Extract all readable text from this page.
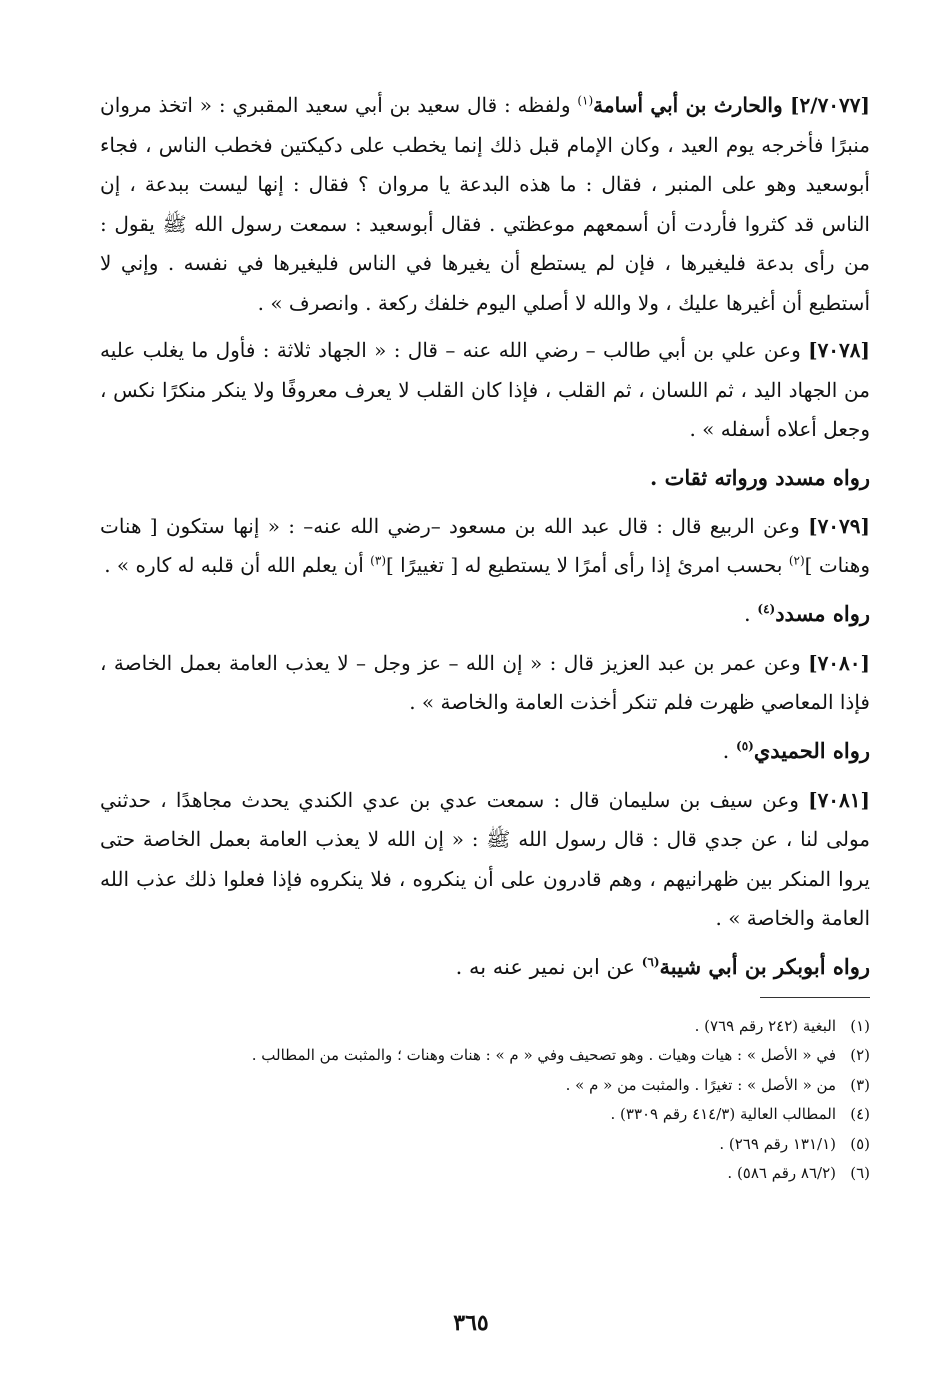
[٢/٧٠٧٧] والحارث بن أبي أسامة$^{(١)}$ ولفظه : قال سعيد بن أبي سعيد المقبري : « اتخذ مروان منبرًا فأخرجه يوم العيد ، وكان الإمام قبل ذلك إنما يخطب على دكيكتين فخطب الناس ، فجاء أبوسعيد وهو على المنبر ، فقال : ما هذه البدعة يا مروان ؟ فقال : إنها ليست ببدعة ، إن الناس قد كثروا فأردت أن أسمعهم موعظتي . فقال أبوسعيد : سمعت رسول الله ﷺ يقول : من رأى بدعة فليغيرها ، فإن لم يستطع أن يغيرها في الناس فليغيرها في نفسه . وإني لا أستطيع أن أغيرها عليك ، ولا والله لا أصلي اليوم خلفك ركعة . وانصرف » .

[٧٠٧٨] وعن علي بن أبي طالب – رضي الله عنه – قال : « الجهاد ثلاثة : فأول ما يغلب عليه من الجهاد اليد ، ثم اللسان ، ثم القلب ، فإذا كان القلب لا يعرف معروفًا ولا ينكر منكرًا نكس ، وجعل أعلاه أسفله » .

رواه مسدد ورواته ثقات .

[٧٠٧٩] وعن الربيع قال : قال عبد الله بن مسعود –رضي الله عنه– : « إنها ستكون [ هنات وهنات ]$^{(٢)}$ بحسب امرئ إذا رأى أمرًا لا يستطيع له [ تغييرًا ]$^{(٣)}$ أن يعلم الله أن قلبه له كاره » .

رواه مسدد$^{(٤)}$ .

[٧٠٨٠] وعن عمر بن عبد العزيز قال : « إن الله – عز وجل – لا يعذب العامة بعمل الخاصة ، فإذا المعاصي ظهرت فلم تنكر أخذت العامة والخاصة » .

رواه الحميدي$^{(٥)}$ .

[٧٠٨١] وعن سيف بن سليمان قال : سمعت عدي بن عدي الكندي يحدث مجاهدًا ، حدثني مولى لنا ، عن جدي قال : قال رسول الله ﷺ : « إن الله لا يعذب العامة بعمل الخاصة حتى يروا المنكر بين ظهرانيهم ، وهم قادرون على أن ينكروه ، فلا ينكروه فإذا فعلوا ذلك عذب الله العامة والخاصة » .

رواه أبوبكر بن أبي شيبة$^{(٦)}$ عن ابن نمير عنه به .

(١)البغية (٢٤٢ رقم ٧٦٩) .

(٢)في « الأصل » : هيات وهيات . وهو تصحيف وفي « م » : هنات وهنات ؛ والمثبت من المطالب .

(٣)من « الأصل » : تغيرًا . والمثبت من « م » .

(٤)المطالب العالية (٤١٤/٣ رقم ٣٣٠٩) .

(٥)(١٣١/١ رقم ٢٦٩) .

(٦)(٨٦/٢ رقم ٥٨٦) .

٣٦٥
